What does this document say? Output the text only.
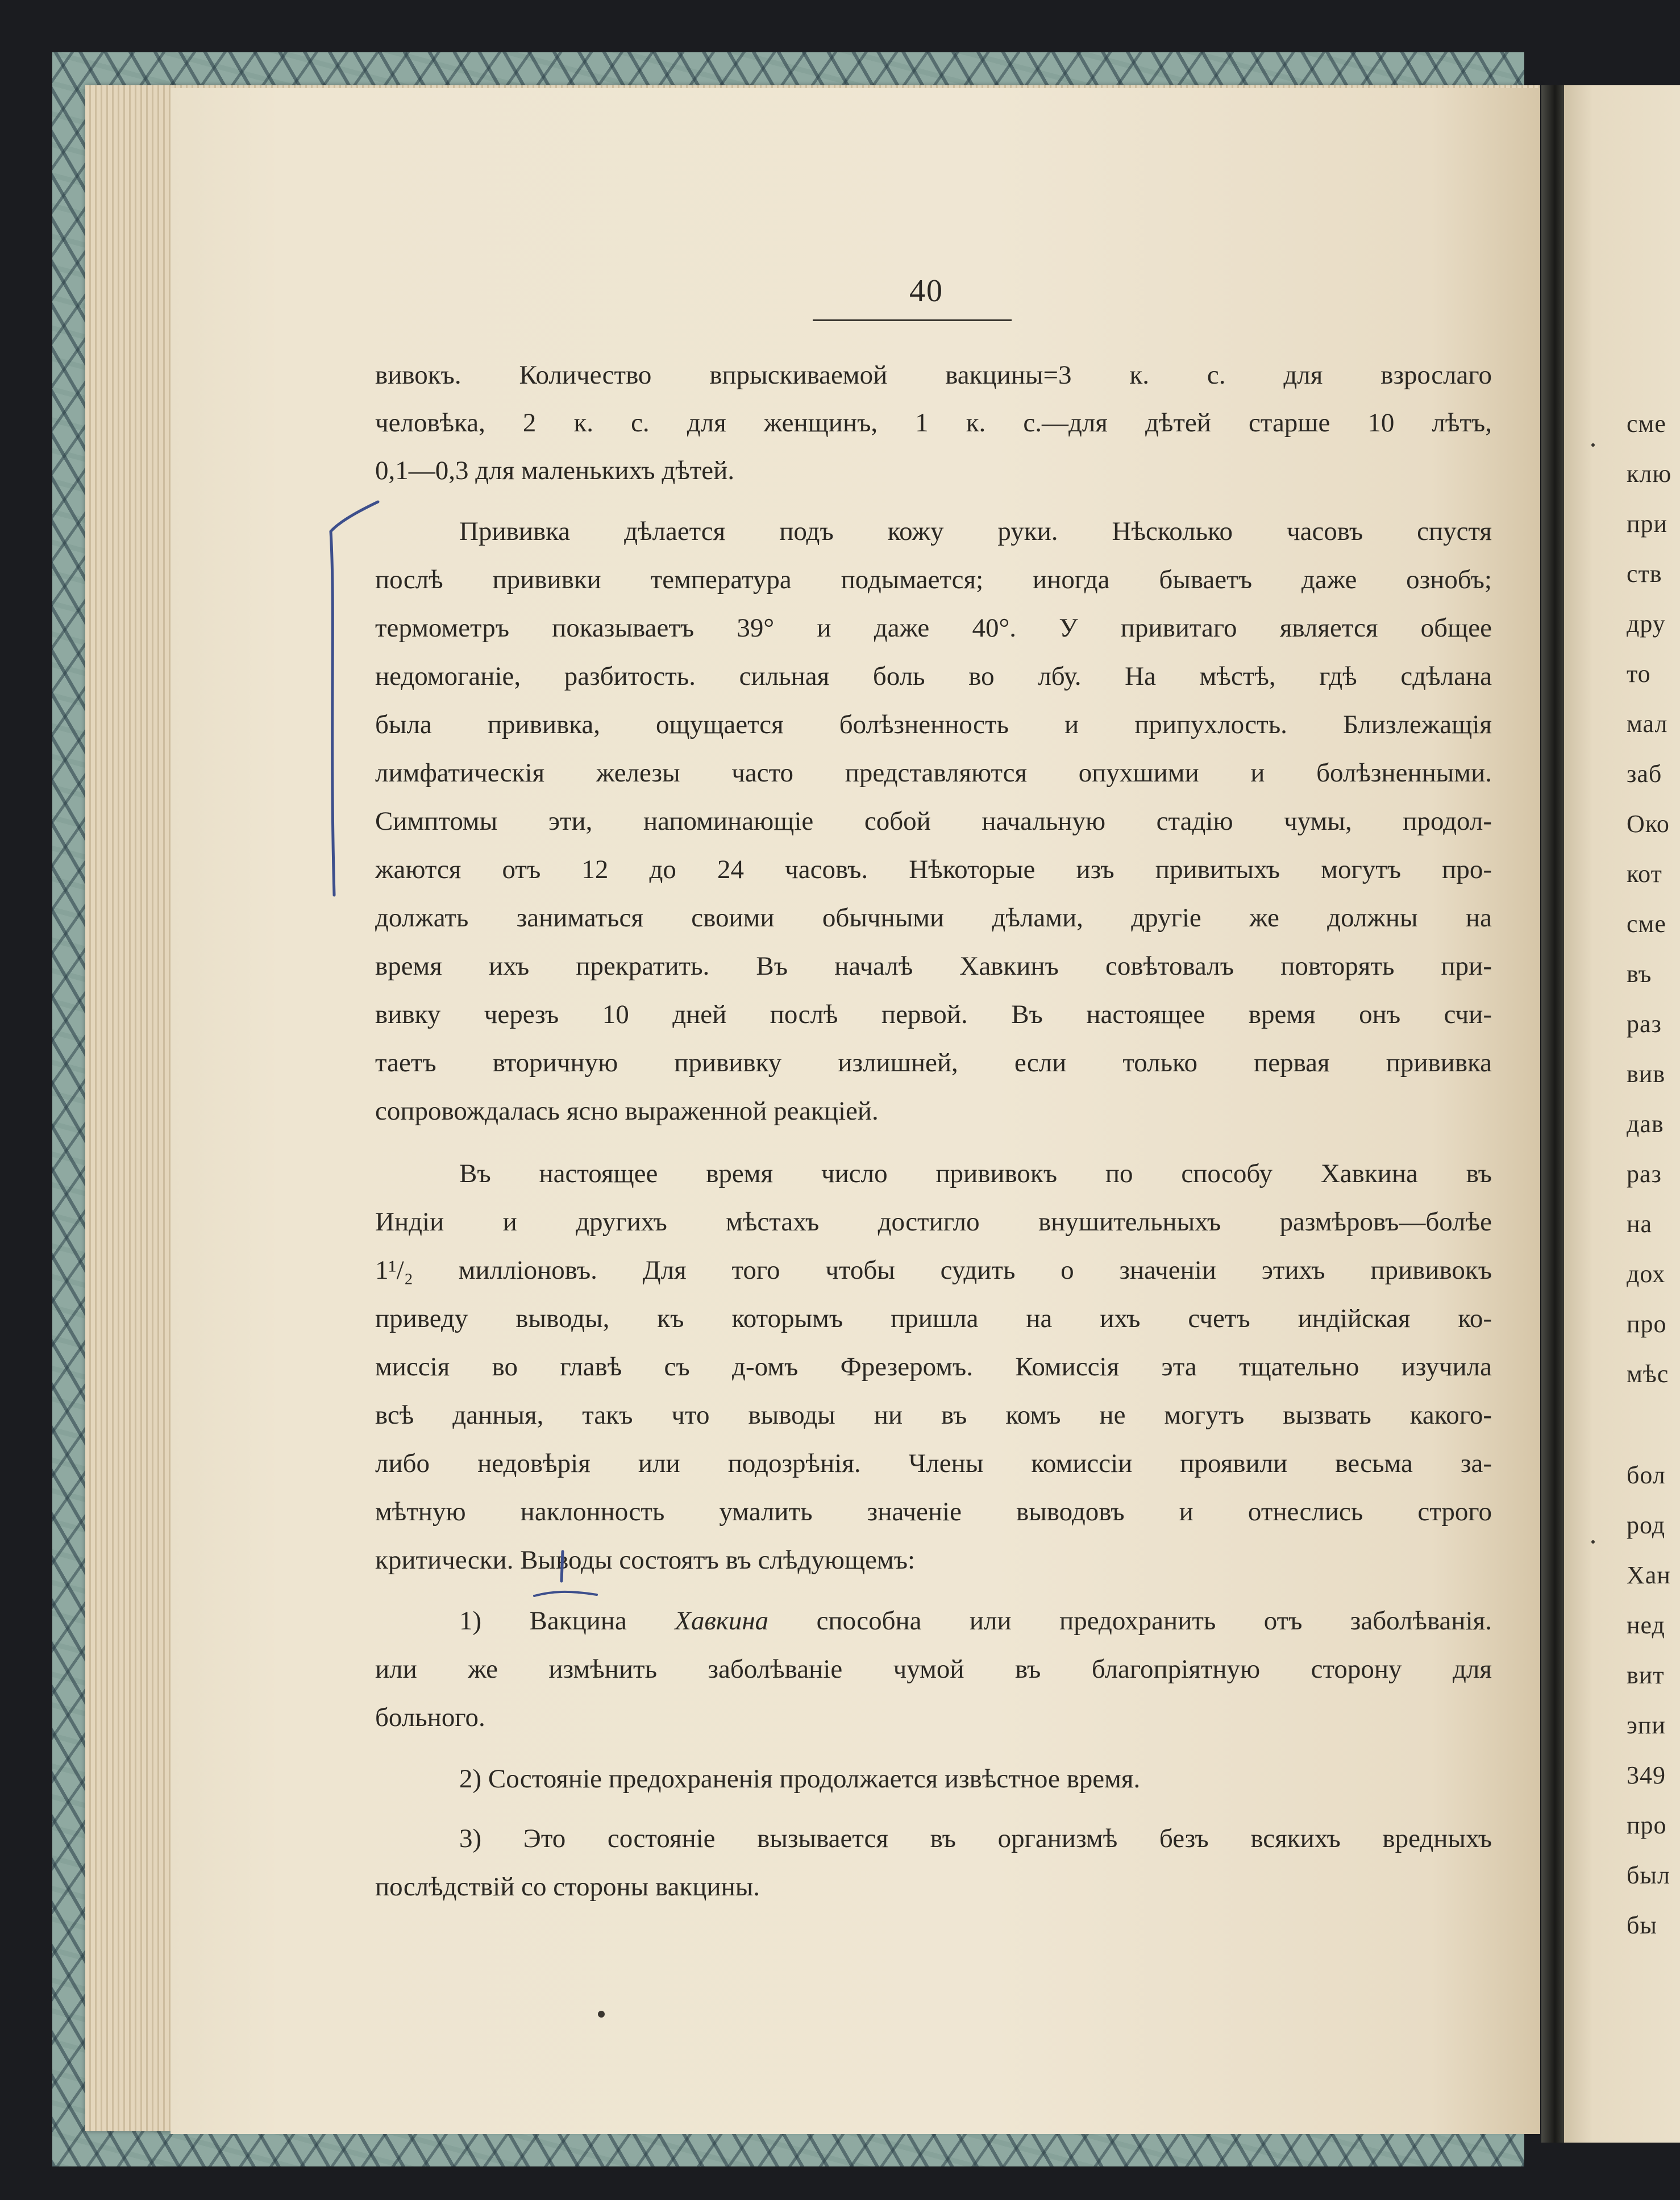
сме
клю
при
ств
дру
то
мал
заб
Око
кот
сме
въ
раз
вив
дав
раз
на
дох
про
мѣс
бол
род
Хан
нед
вит
эпи
349
про
был
бы
40
вивокъ. Количество впрыскиваемой вакцины=3 к. с. для взрослаго
человѣка, 2 к. с. для женщинъ, 1 к. с.—для дѣтей старше 10 лѣтъ,
0,1—0,3 для маленькихъ дѣтей.
Прививка дѣлается подъ кожу руки. Нѣсколько часовъ спустя
послѣ прививки температура подымается; иногда бываетъ даже ознобъ;
термометръ показываетъ 39° и даже 40°. У привитаго является общее
недомоганіе, разбитость. сильная боль во лбу. На мѣстѣ, гдѣ сдѣлана
была прививка, ощущается болѣзненность и припухлость. Близлежащія
лимфатическія железы часто представляются опухшими и болѣзненными.
Симптомы эти, напоминающіе собой начальную стадію чумы, продол-
жаются отъ 12 до 24 часовъ. Нѣкоторые изъ привитыхъ могутъ про-
должать заниматься своими обычными дѣлами, другіе же должны на
время ихъ прекратить. Въ началѣ Хавкинъ совѣтовалъ повторять при-
вивку черезъ 10 дней послѣ первой. Въ настоящее время онъ счи-
таетъ вторичную прививку излишней, если только первая прививка
сопровождалась ясно выраженной реакціей.
Въ настоящее время число прививокъ по способу Хавкина въ
Индіи и другихъ мѣстахъ достигло внушительныхъ размѣровъ—болѣе
1¹/₂ милліоновъ. Для того чтобы судить о значеніи этихъ прививокъ
приведу выводы, къ которымъ пришла на ихъ счетъ индійская ко-
миссія во главѣ съ д-омъ Фрезеромъ. Комиссія эта тщательно изучила
всѣ данныя, такъ что выводы ни въ комъ не могутъ вызвать какого-
либо недовѣрія или подозрѣнія. Члены комиссіи проявили весьма за-
мѣтную наклонность умалить значеніе выводовъ и отнеслись строго
критически. Выводы состоятъ въ слѣдующемъ:
1) Вакцина Хавкина способна или предохранить отъ заболѣванія.
или же измѣнить заболѣваніе чумой въ благопріятную сторону для
больного.
2) Состояніе предохраненія продолжается извѣстное время.
3) Это состояніе вызывается въ организмѣ безъ всякихъ вредныхъ
послѣдствій со стороны вакцины.
